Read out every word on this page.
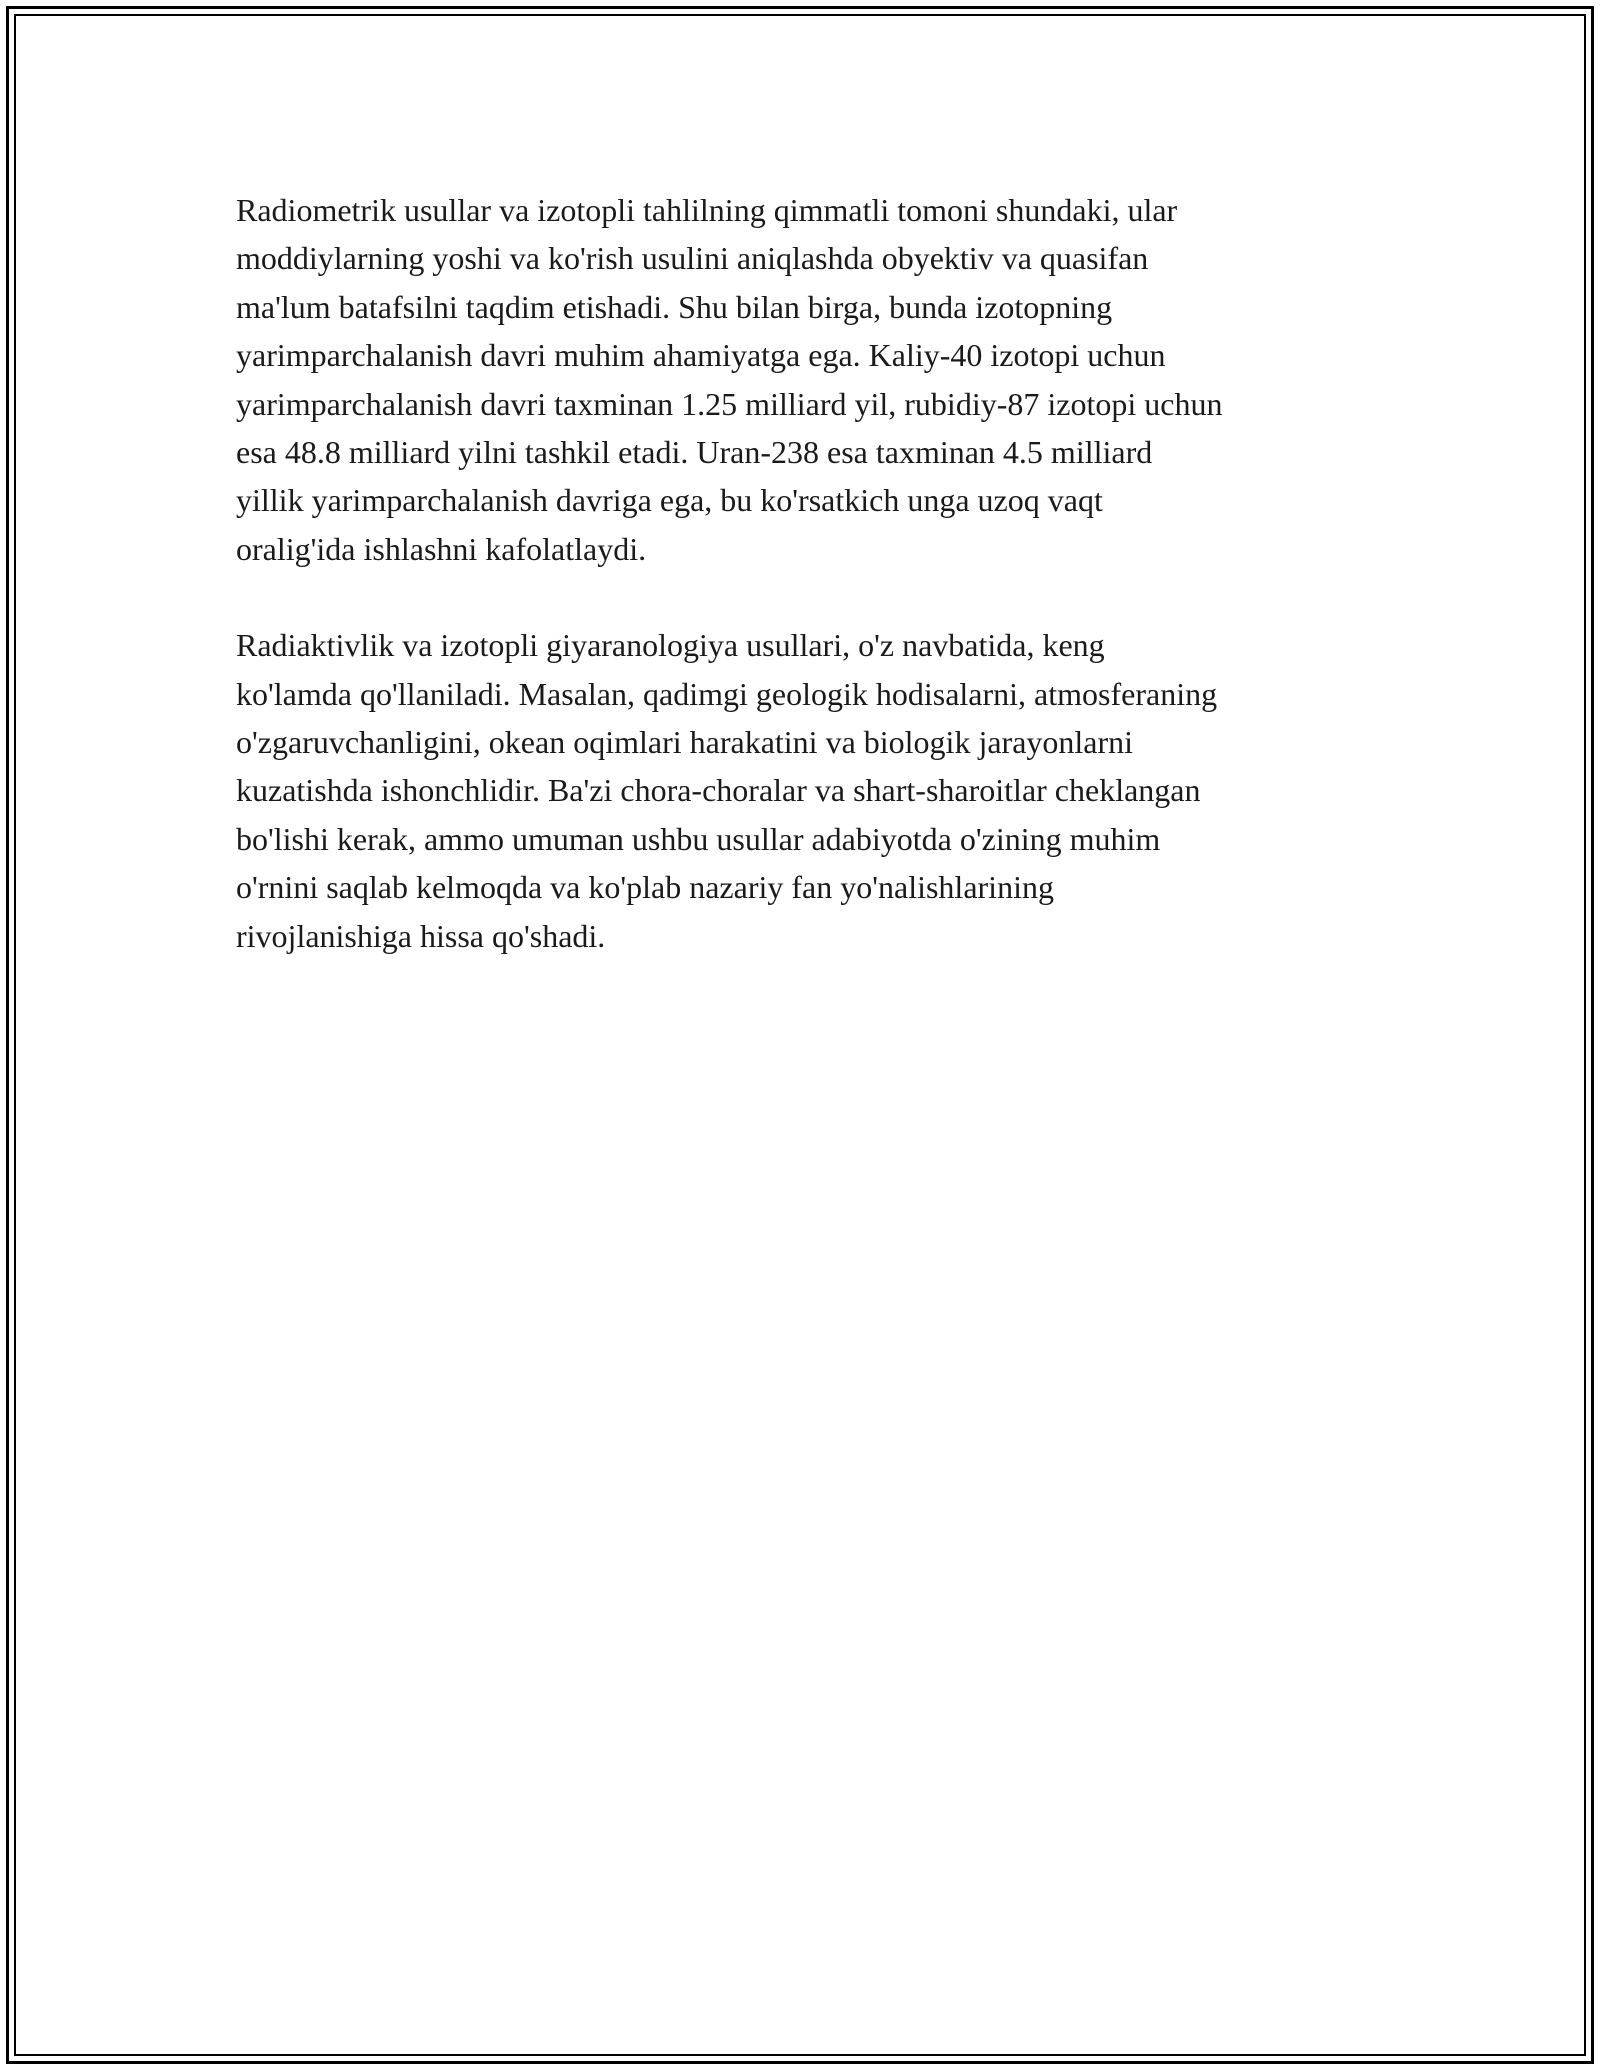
Radiometrik usullar va izotopli tahlilning qimmatli tomoni shundaki, ular
moddiylarning yoshi va ko'rish usulini aniqlashda obyektiv va quasifan
ma'lum batafsilni taqdim etishadi. Shu bilan birga, bunda izotopning
yarimparchalanish davri muhim ahamiyatga ega. Kaliy-40 izotopi uchun
yarimparchalanish davri taxminan 1.25 milliard yil, rubidiy-87 izotopi uchun
esa 48.8 milliard yilni tashkil etadi. Uran-238 esa taxminan 4.5 milliard
yillik yarimparchalanish davriga ega, bu ko'rsatkich unga uzoq vaqt
oralig'ida ishlashni kafolatlaydi.

Radiaktivlik va izotopli giyaranologiya usullari, o'z navbatida, keng
ko'lamda qo'llaniladi. Masalan, qadimgi geologik hodisalarni, atmosferaning
o'zgaruvchanligini, okean oqimlari harakatini va biologik jarayonlarni
kuzatishda ishonchlidir. Ba'zi chora-choralar va shart-sharoitlar cheklangan
bo'lishi kerak, ammo umuman ushbu usullar adabiyotda o'zining muhim
o'rnini saqlab kelmoqda va ko'plab nazariy fan yo'nalishlarining
rivojlanishiga hissa qo'shadi.
